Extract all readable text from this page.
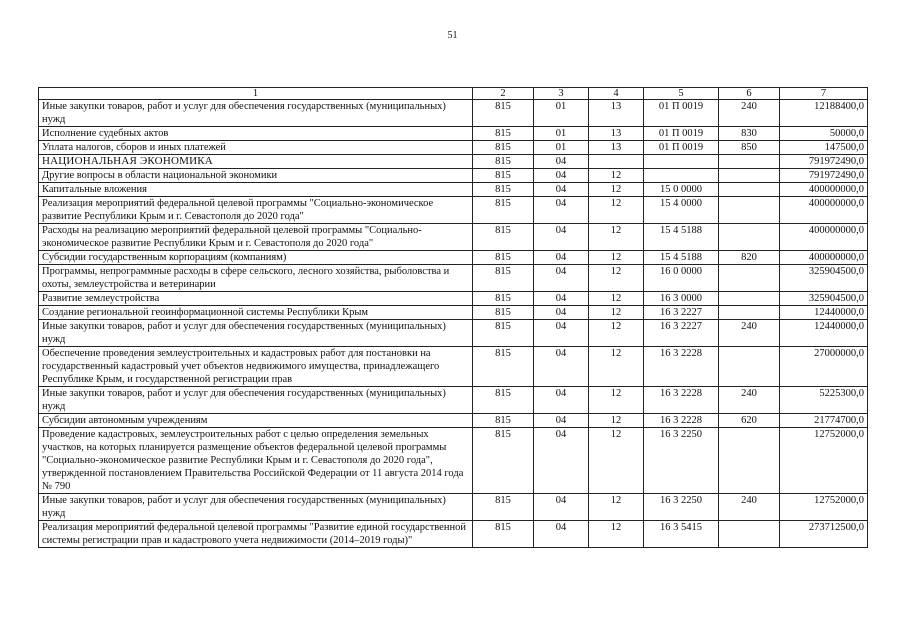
51
1	2	3	4	5	6	7
Иные закупки товаров, работ и услуг для обеспечения государственных (муниципальных) нужд	815	01	13	01 П 0019	240	12188400,0
Исполнение судебных актов	815	01	13	01 П 0019	830	50000,0
Уплата налогов, сборов и иных платежей	815	01	13	01 П 0019	850	147500,0
НАЦИОНАЛЬНАЯ ЭКОНОМИКА	815	04				791972490,0
Другие вопросы в области национальной экономики	815	04	12			791972490,0
Капитальные вложения	815	04	12	15 0 0000		400000000,0
Реализация мероприятий федеральной целевой программы "Социально-экономическое развитие Республики Крым и г. Севастополя до 2020 года"	815	04	12	15 4 0000		400000000,0
Расходы на реализацию мероприятий федеральной целевой программы "Социально-экономическое развитие Республики Крым и г. Севастополя до 2020 года"	815	04	12	15 4 5188		400000000,0
Субсидии государственным корпорациям (компаниям)	815	04	12	15 4 5188	820	400000000,0
Программы, непрограммные расходы в сфере сельского, лесного хозяйства, рыболовства и охоты, землеустройства и ветеринарии	815	04	12	16 0 0000		325904500,0
Развитие землеустройства	815	04	12	16 3 0000		325904500,0
Создание региональной геоинформационной системы Республики Крым	815	04	12	16 3 2227		12440000,0
Иные закупки товаров, работ и услуг для обеспечения государственных (муниципальных) нужд	815	04	12	16 3 2227	240	12440000,0
Обеспечение проведения землеустроительных и кадастровых работ для постановки на государственный кадастровый учет объектов недвижимого имущества, принадлежащего Республике Крым, и государственной регистрации прав	815	04	12	16 3 2228		27000000,0
Иные закупки товаров, работ и услуг для обеспечения государственных (муниципальных) нужд	815	04	12	16 3 2228	240	5225300,0
Субсидии автономным учреждениям	815	04	12	16 3 2228	620	21774700,0
Проведение кадастровых, землеустроительных работ с целью определения земельных участков, на которых планируется размещение объектов федеральной целевой программы "Социально-экономическое развитие Республики Крым и г. Севастополя до 2020 года", утвержденной постановлением Правительства Российской Федерации от 11 августа 2014 года № 790	815	04	12	16 3 2250		12752000,0
Иные закупки товаров, работ и услуг для обеспечения государственных (муниципальных) нужд	815	04	12	16 3 2250	240	12752000,0
Реализация мероприятий федеральной целевой программы "Развитие единой государственной системы регистрации прав и кадастрового учета недвижимости (2014–2019 годы)"	815	04	12	16 3 5415		273712500,0
